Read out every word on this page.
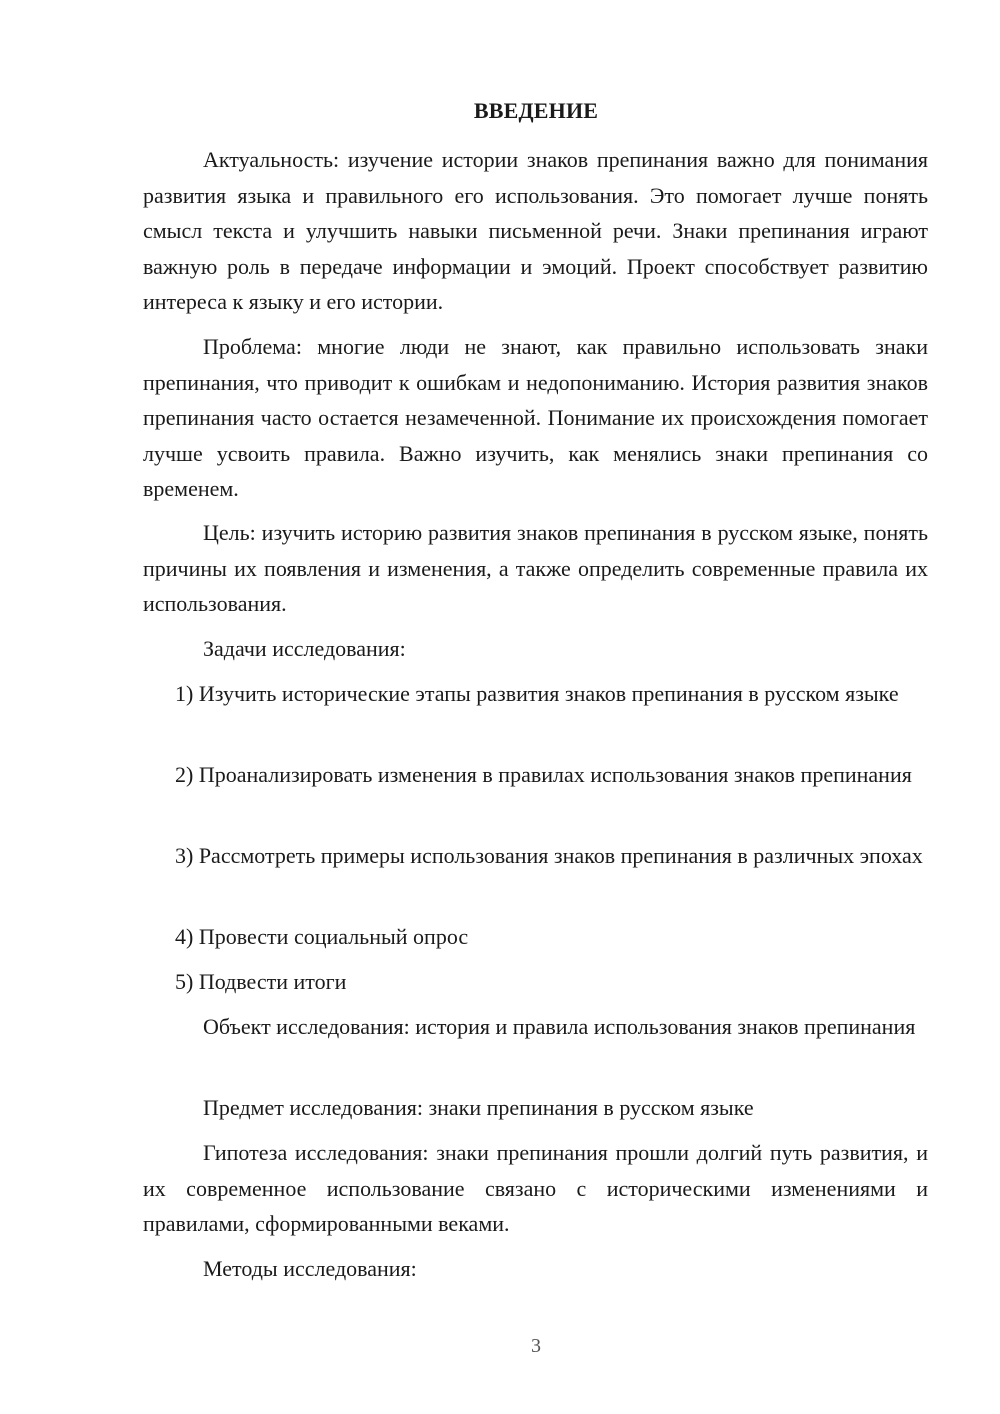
ВВЕДЕНИЕ

Актуальность: изучение истории знаков препинания важно для понимания развития языка и правильного его использования. Это помогает лучше понять смысл текста и улучшить навыки письменной речи. Знаки препинания играют важную роль в передаче информации и эмоций. Проект способствует развитию интереса к языку и его истории.

Проблема: многие люди не знают, как правильно использовать знаки препинания, что приводит к ошибкам и недопониманию. История развития знаков препинания часто остается незамеченной. Понимание их происхождения помогает лучше усвоить правила. Важно изучить, как менялись знаки препинания со временем.

Цель: изучить историю развития знаков препинания в русском языке, понять причины их появления и изменения, а также определить современные правила их использования.

Задачи исследования:

1) Изучить исторические этапы развития знаков препинания в русском языке

2) Проанализировать изменения в правилах использования знаков препинания

3) Рассмотреть примеры использования знаков препинания в различных эпохах

4) Провести социальный опрос

5) Подвести итоги

Объект исследования: история и правила использования знаков препинания

Предмет исследования: знаки препинания в русском языке

Гипотеза исследования: знаки препинания прошли долгий путь развития, и их современное использование связано с историческими изменениями и правилами, сформированными веками.

Методы исследования:

3
